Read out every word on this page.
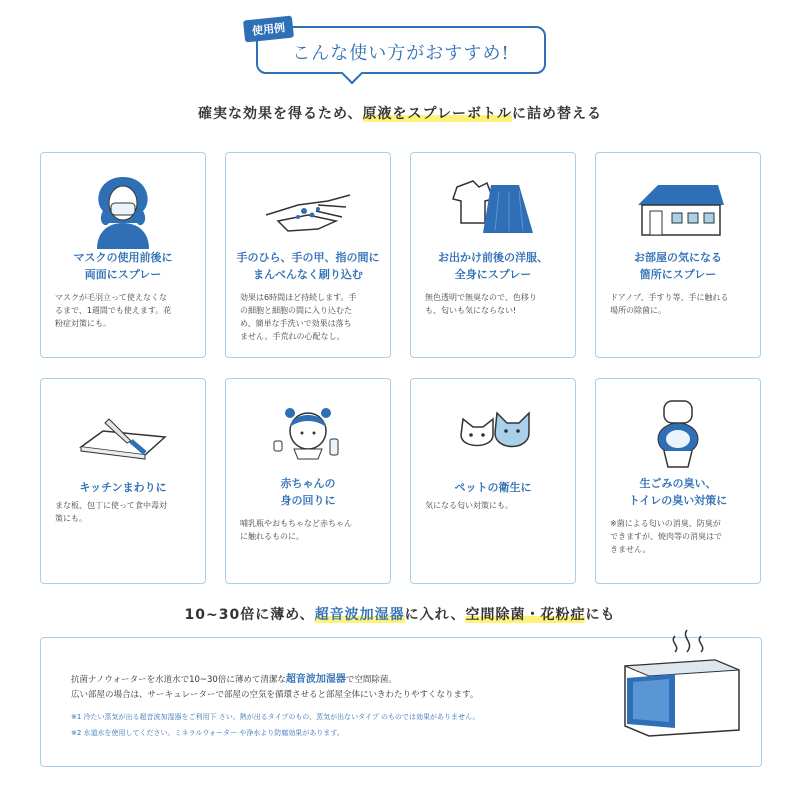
使用例
こんな使い方がおすすめ!
確実な効果を得るため、原液をスプレーボトルに詰め替える
マスクの使用前後に
両面にスプレー
マスクが毛羽立って使えなくな
るまで、1週間でも使えます。花
粉症対策にも。
手のひら、手の甲、指の間に
まんべんなく刷り込む
効果は6時間ほど持続します。手
の細胞と細胞の間に入り込むた
め、簡単な手洗いで効果は落ち
ません。手荒れの心配なし。
お出かけ前後の洋服、
全身にスプレー
無色透明で無臭なので、色移り
も、匂いも気にならない!
お部屋の気になる
箇所にスプレー
ドアノブ、手すり等、手に触れる
場所の除菌に。
キッチンまわりに
まな板、包丁に使って食中毒対
策にも。
赤ちゃんの
身の回りに
哺乳瓶やおもちゃなど赤ちゃん
に触れるものに。
ペットの衛生に
気になる匂い対策にも。
生ごみの臭い、
トイレの臭い対策に
※菌による匂いの消臭、防臭が
できますが、焼肉等の消臭はで
きません。
10~30倍に薄め、超音波加湿器に入れ、空間除菌・花粉症にも
抗菌ナノウォーターを水道水で10~30倍に薄めて清潔な超音波加湿器で空間除菌。
広い部屋の場合は、サーキュレーターで部屋の空気を循環させると部屋全体にいきわたりやすくなります。
※1 冷たい蒸気が出る超音波加湿器をご利用下 さい。熱が出るタイプのもの、蒸気が出ないタイプ のものでは効果がありません。
※2 水道水を使用してください。ミネラルウォーター や浄水より防腐効果があります。
